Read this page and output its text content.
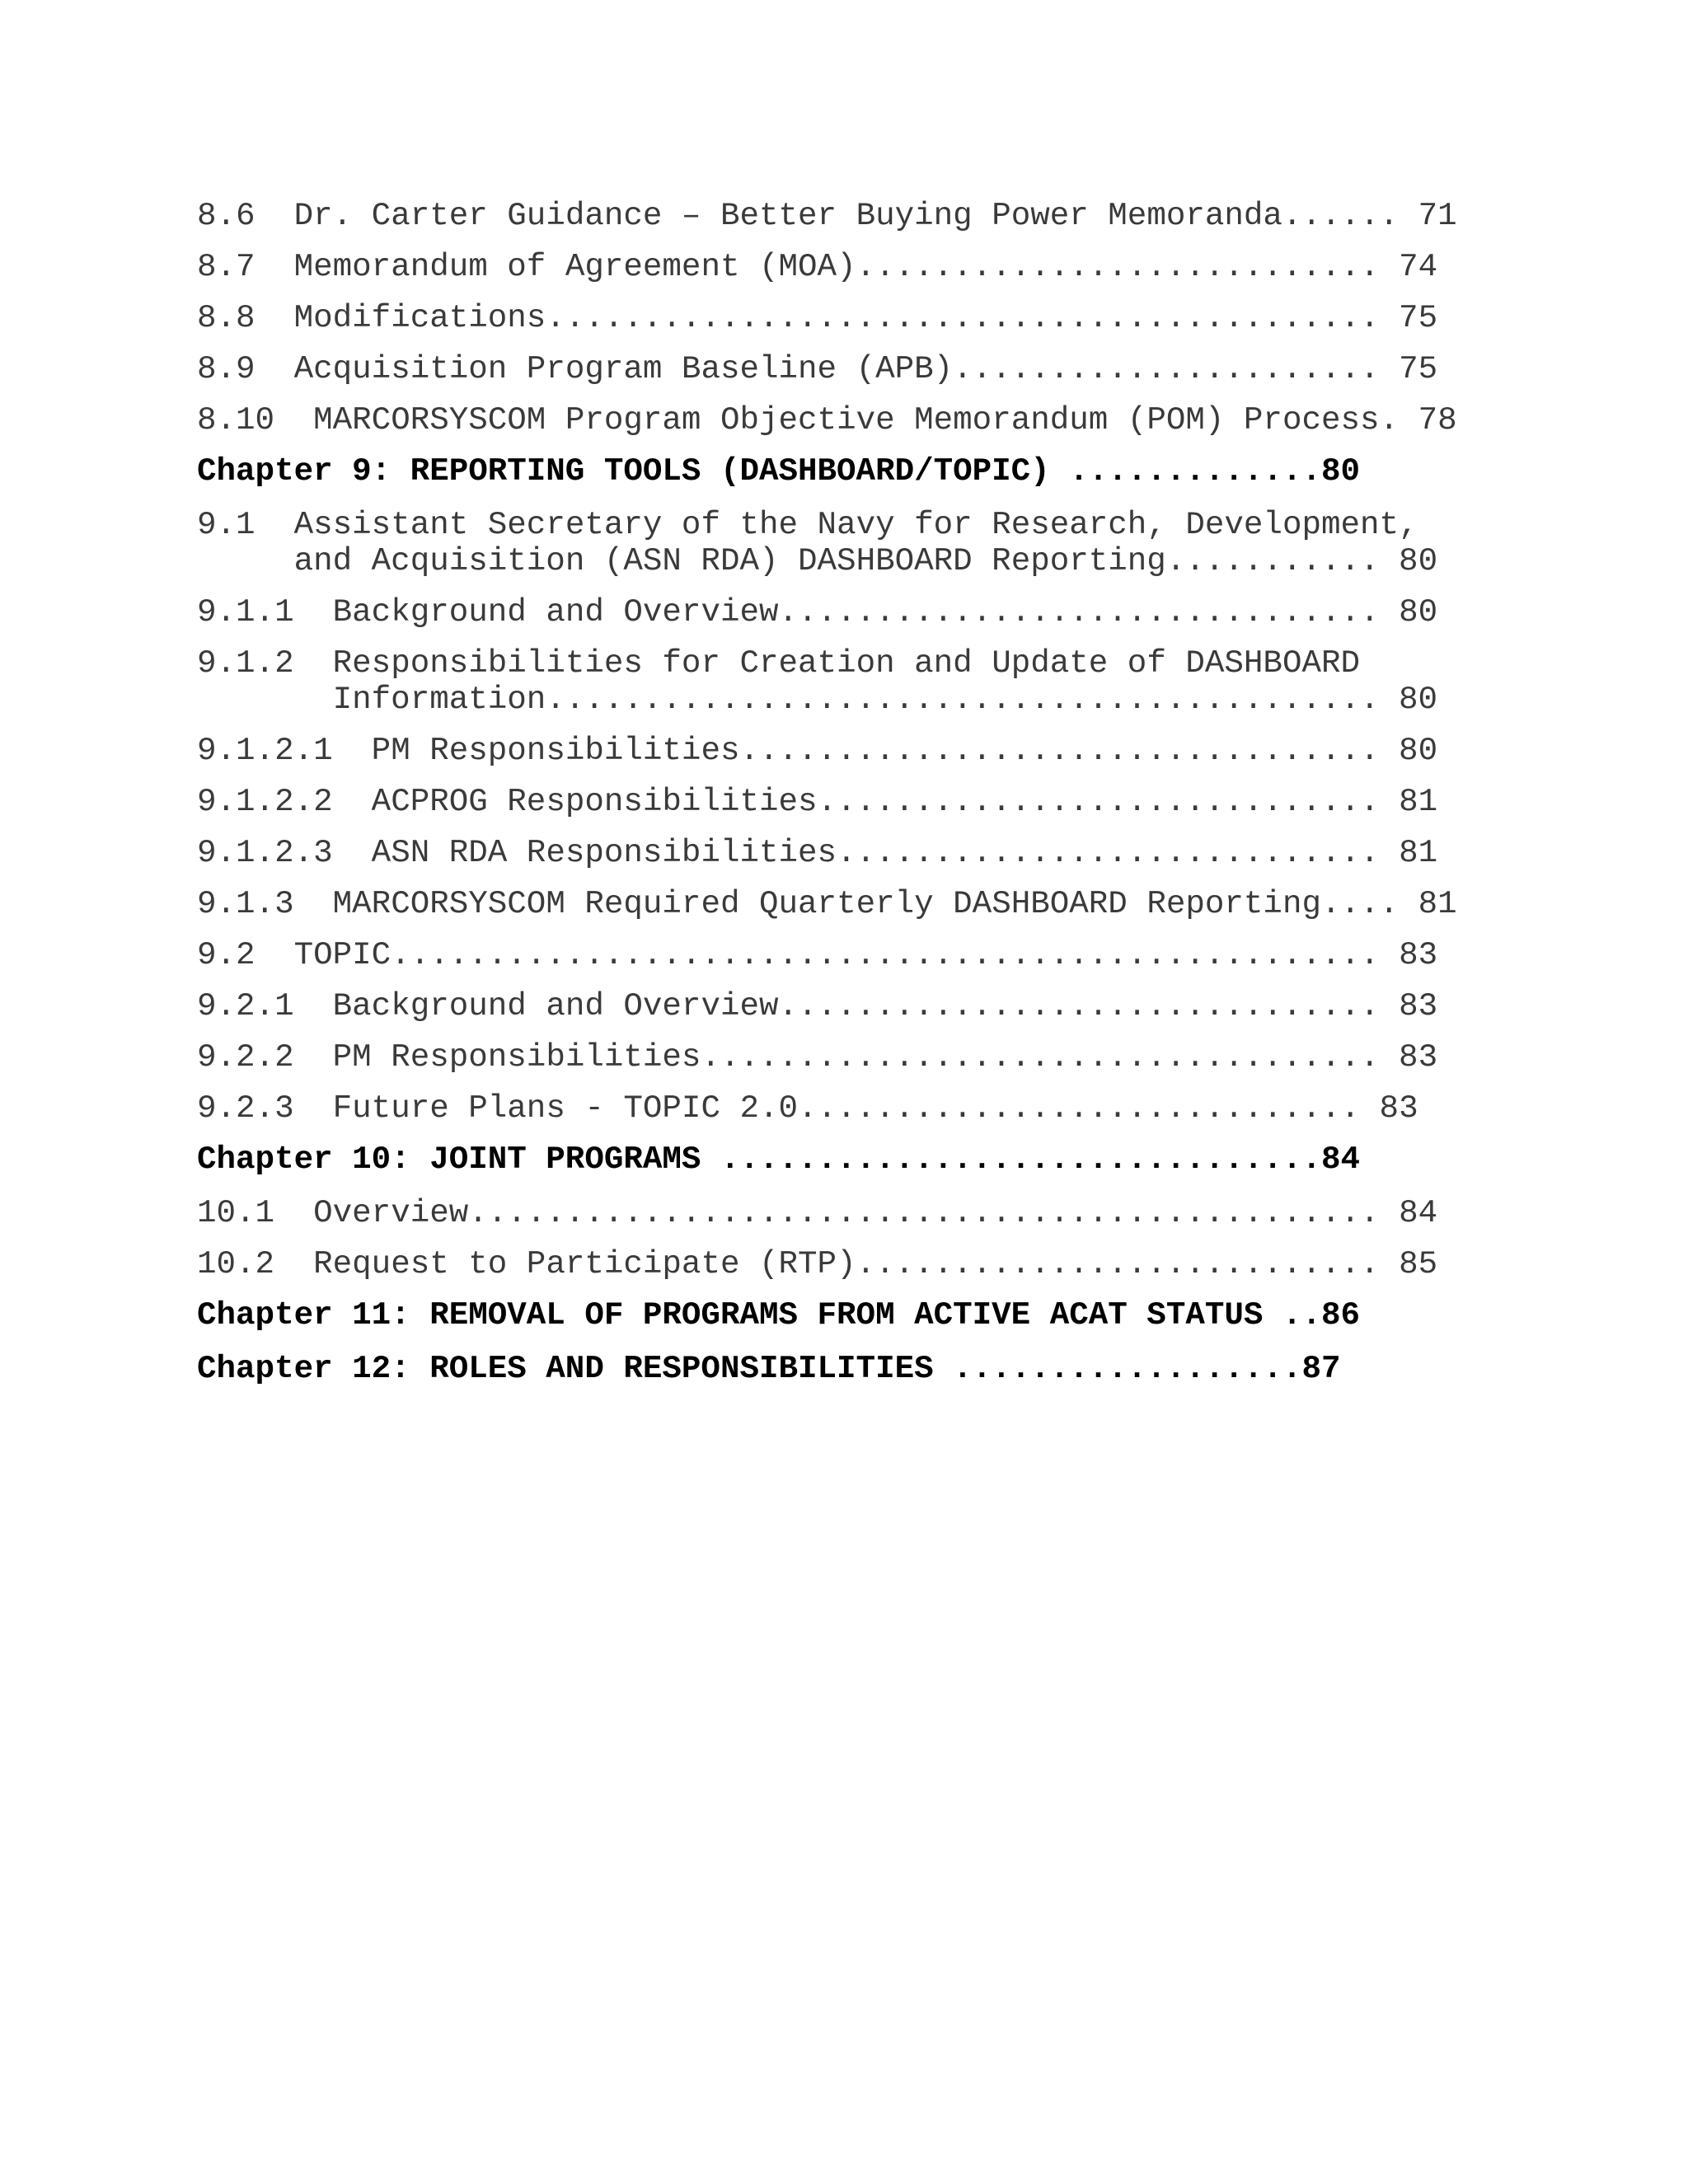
8.6 Dr. Carter Guidance – Better Buying Power Memoranda...... 71
8.7 Memorandum of Agreement (MOA)........................... 74
8.8 Modifications........................................... 75
8.9 Acquisition Program Baseline (APB)...................... 75
8.10 MARCORSYSCOM Program Objective Memorandum (POM) Process. 78
Chapter 9: REPORTING TOOLS (DASHBOARD/TOPIC) .............80
9.1 Assistant Secretary of the Navy for Research, Development,
and Acquisition (ASN RDA) DASHBOARD Reporting........... 80
9.1.1 Background and Overview............................... 80
9.1.2 Responsibilities for Creation and Update of DASHBOARD
Information........................................... 80
9.1.2.1 PM Responsibilities................................. 80
9.1.2.2 ACPROG Responsibilities............................. 81
9.1.2.3 ASN RDA Responsibilities............................ 81
9.1.3 MARCORSYSCOM Required Quarterly DASHBOARD Reporting.... 81
9.2 TOPIC................................................... 83
9.2.1 Background and Overview............................... 83
9.2.2 PM Responsibilities................................... 83
9.2.3 Future Plans - TOPIC 2.0............................. 83
Chapter 10: JOINT PROGRAMS ...............................84
10.1 Overview............................................... 84
10.2 Request to Participate (RTP)........................... 85
Chapter 11: REMOVAL OF PROGRAMS FROM ACTIVE ACAT STATUS ..86
Chapter 12: ROLES AND RESPONSIBILITIES ..................87
